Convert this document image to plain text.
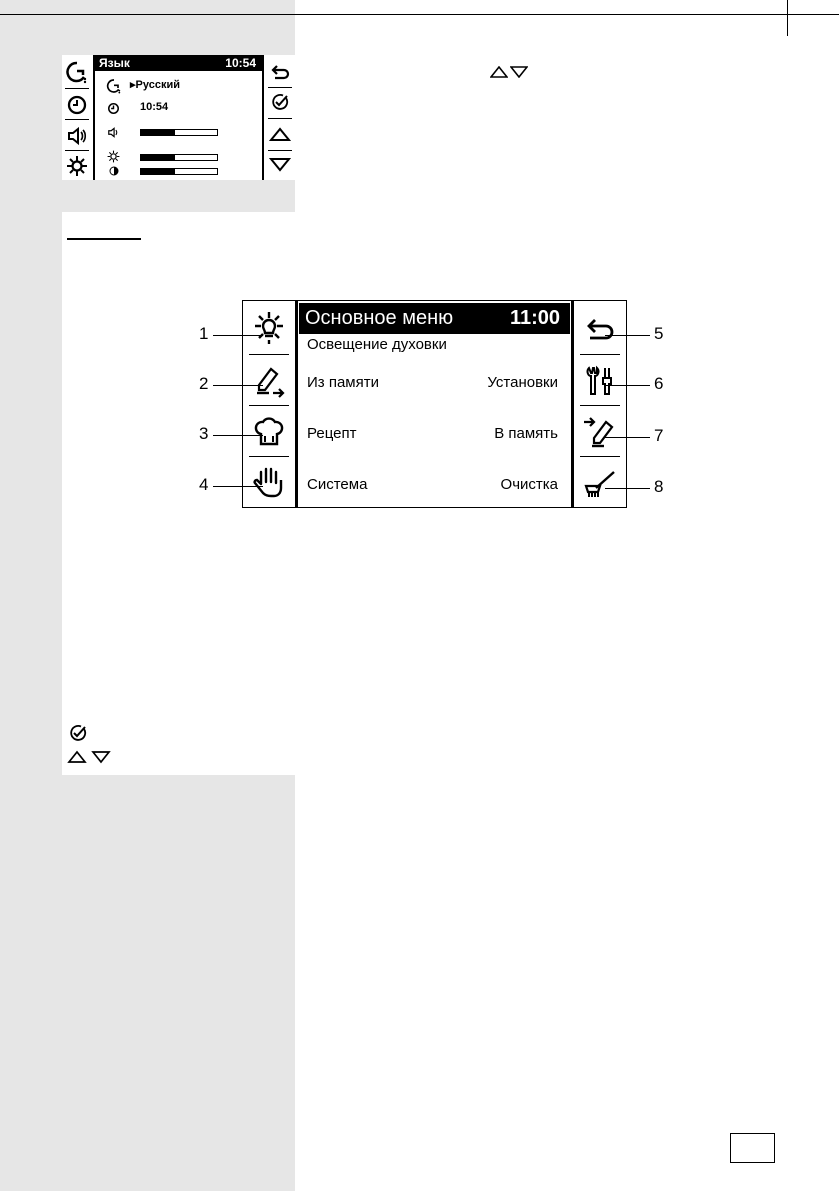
Язык	10:54
▸Русский
10:54
Основное меню	11:00
Освещение духовки
Из памяти
Рецепт
Система
Установки
В память
Очистка
1
2
3
4
5
6
7
8
